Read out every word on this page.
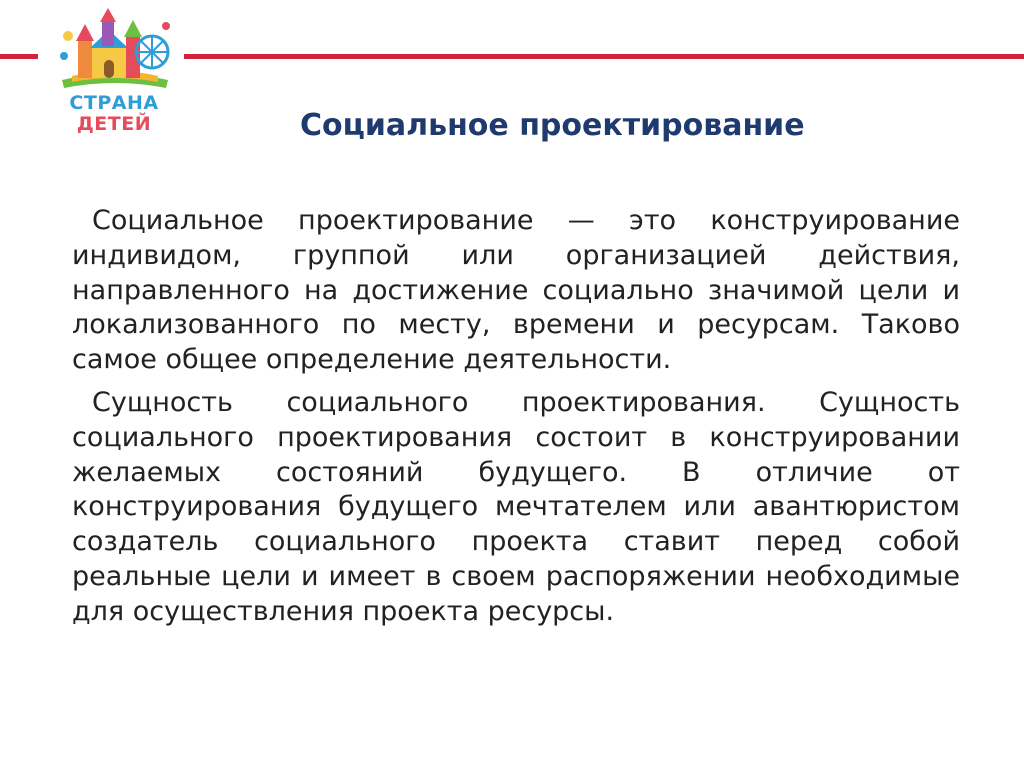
СТРАНА
ДЕТЕЙ	Социальное проектирование

Социальное проектирование — это конструирование индивидом, группой или организацией действия, направленного на достижение социально значимой цели и локализованного по месту, времени и ресурсам. Таково самое общее определение деятельности.

Сущность социального проектирования. Сущность социального проектирования состоит в конструировании желаемых состояний будущего. В отличие от конструирования будущего мечтателем или авантюристом создатель социального проекта ставит перед собой реальные цели и имеет в своем распоряжении необходимые для осуществления проекта ресурсы.
